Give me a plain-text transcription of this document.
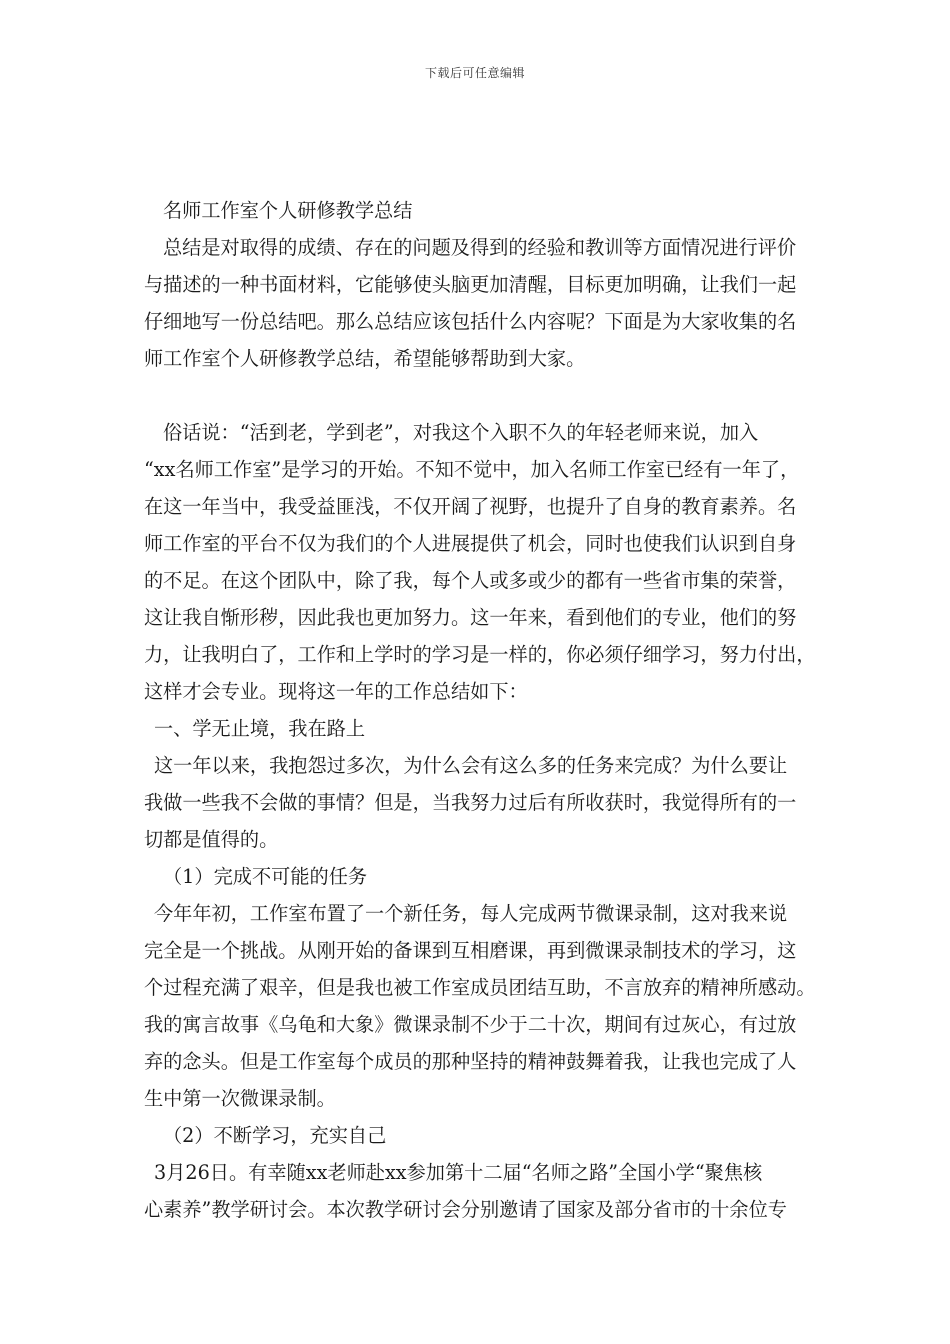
下载后可任意编辑
名师工作室个人研修教学总结
总结是对取得的成绩、存在的问题及得到的经验和教训等方面情况进行评价
与描述的一种书面材料，它能够使头脑更加清醒，目标更加明确，让我们一起
仔细地写一份总结吧。那么总结应该包括什么内容呢？下面是为大家收集的名
师工作室个人研修教学总结，希望能够帮助到大家。
俗话说：“活到老，学到老”，对我这个入职不久的年轻老师来说，加入
“xx名师工作室”是学习的开始。不知不觉中，加入名师工作室已经有一年了，
在这一年当中，我受益匪浅，不仅开阔了视野，也提升了自身的教育素养。名
师工作室的平台不仅为我们的个人进展提供了机会，同时也使我们认识到自身
的不足。在这个团队中，除了我，每个人或多或少的都有一些省市集的荣誉，
这让我自惭形秽，因此我也更加努力。这一年来，看到他们的专业，他们的努
力，让我明白了，工作和上学时的学习是一样的，你必须仔细学习，努力付出，
这样才会专业。现将这一年的工作总结如下：
一、学无止境，我在路上
这一年以来，我抱怨过多次，为什么会有这么多的任务来完成？为什么要让
我做一些我不会做的事情？但是，当我努力过后有所收获时，我觉得所有的一
切都是值得的。
（1）完成不可能的任务
今年年初，工作室布置了一个新任务，每人完成两节微课录制，这对我来说
完全是一个挑战。从刚开始的备课到互相磨课，再到微课录制技术的学习，这
个过程充满了艰辛，但是我也被工作室成员团结互助，不言放弃的精神所感动。
我的寓言故事《乌龟和大象》微课录制不少于二十次，期间有过灰心，有过放
弃的念头。但是工作室每个成员的那种坚持的精神鼓舞着我，让我也完成了人
生中第一次微课录制。
（2）不断学习，充实自己
3月26日。有幸随xx老师赴xx参加第十二届“名师之路”全国小学“聚焦核
心素养”教学研讨会。本次教学研讨会分别邀请了国家及部分省市的十余位专
